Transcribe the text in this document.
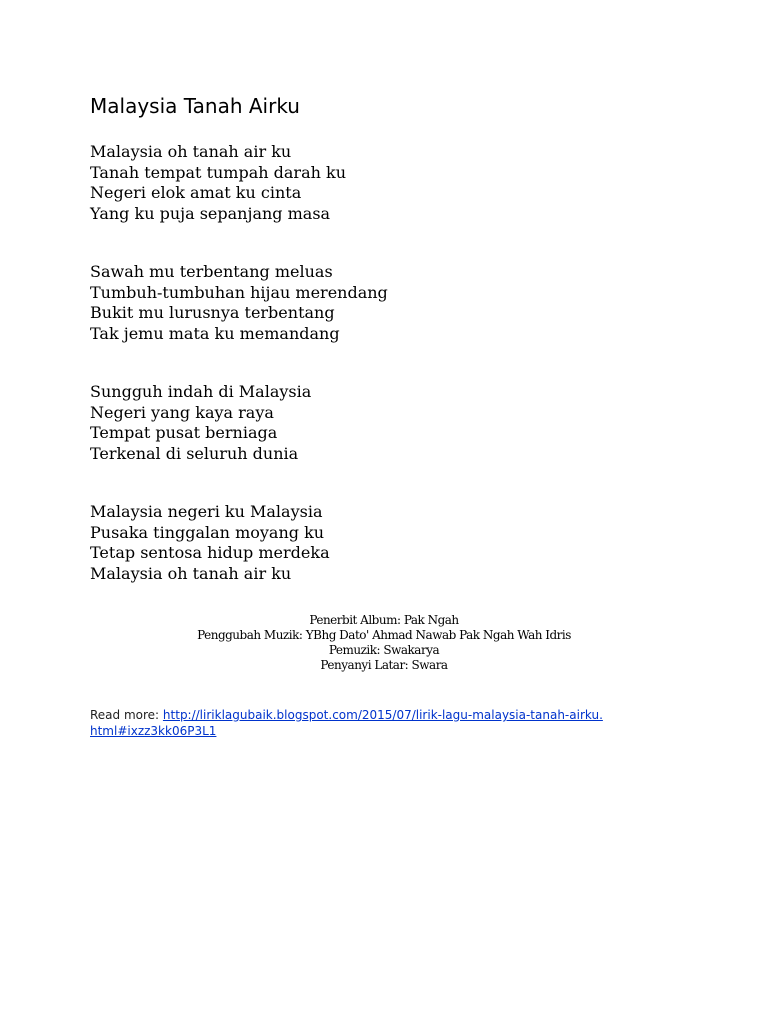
Malaysia Tanah Airku
Malaysia oh tanah air ku
Tanah tempat tumpah darah ku
Negeri elok amat ku cinta
Yang ku puja sepanjang masa
Sawah mu terbentang meluas
Tumbuh-tumbuhan hijau merendang
Bukit mu lurusnya terbentang
Tak jemu mata ku memandang
Sungguh indah di Malaysia
Negeri yang kaya raya
Tempat pusat berniaga
Terkenal di seluruh dunia
Malaysia negeri ku Malaysia
Pusaka tinggalan moyang ku
Tetap sentosa hidup merdeka
Malaysia oh tanah air ku
Penerbit Album: Pak Ngah
Penggubah Muzik: YBhg Dato' Ahmad Nawab Pak Ngah Wah Idris
Pemuzik: Swakarya
Penyanyi Latar: Swara
Read more: http://liriklagubaik.blogspot.com/2015/07/lirik-lagu-malaysia-tanah-airku.html#ixzz3kk06P3L1
